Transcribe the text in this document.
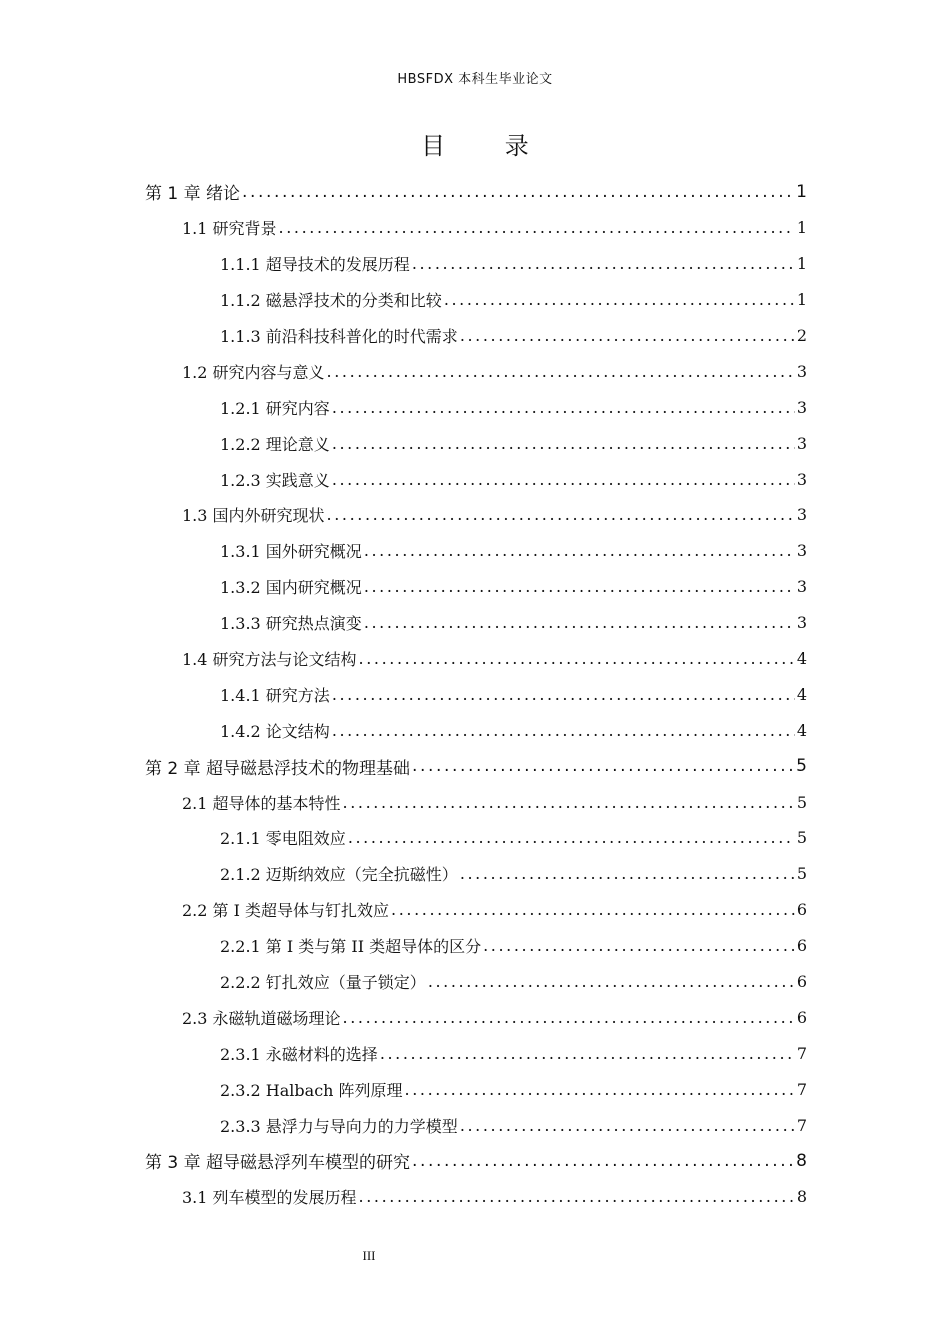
HBSFDX 本科生毕业论文
目 录
第 1 章 绪论 .....	1
1.1 研究背景 .....	1
1.1.1 超导技术的发展历程 .....	1
1.1.2 磁悬浮技术的分类和比较 .....	1
1.1.3 前沿科技科普化的时代需求 .....	2
1.2 研究内容与意义 .....	3
1.2.1 研究内容 .....	3
1.2.2 理论意义 .....	3
1.2.3 实践意义 .....	3
1.3 国内外研究现状 .....	3
1.3.1 国外研究概况 .....	3
1.3.2 国内研究概况 .....	3
1.3.3 研究热点演变 .....	3
1.4 研究方法与论文结构 .....	4
1.4.1 研究方法 .....	4
1.4.2 论文结构 .....	4
第 2 章 超导磁悬浮技术的物理基础 .....	5
2.1 超导体的基本特性 .....	5
2.1.1 零电阻效应 .....	5
2.1.2 迈斯纳效应（完全抗磁性） .....	5
2.2 第 I 类超导体与钉扎效应 .....	6
2.2.1 第 I 类与第 II 类超导体的区分 .....	6
2.2.2 钉扎效应（量子锁定） .....	6
2.3 永磁轨道磁场理论 .....	6
2.3.1 永磁材料的选择 .....	7
2.3.2 Halbach 阵列原理 .....	7
2.3.3 悬浮力与导向力的力学模型 .....	7
第 3 章 超导磁悬浮列车模型的研究 .....	8
3.1 列车模型的发展历程 .....	8
III
